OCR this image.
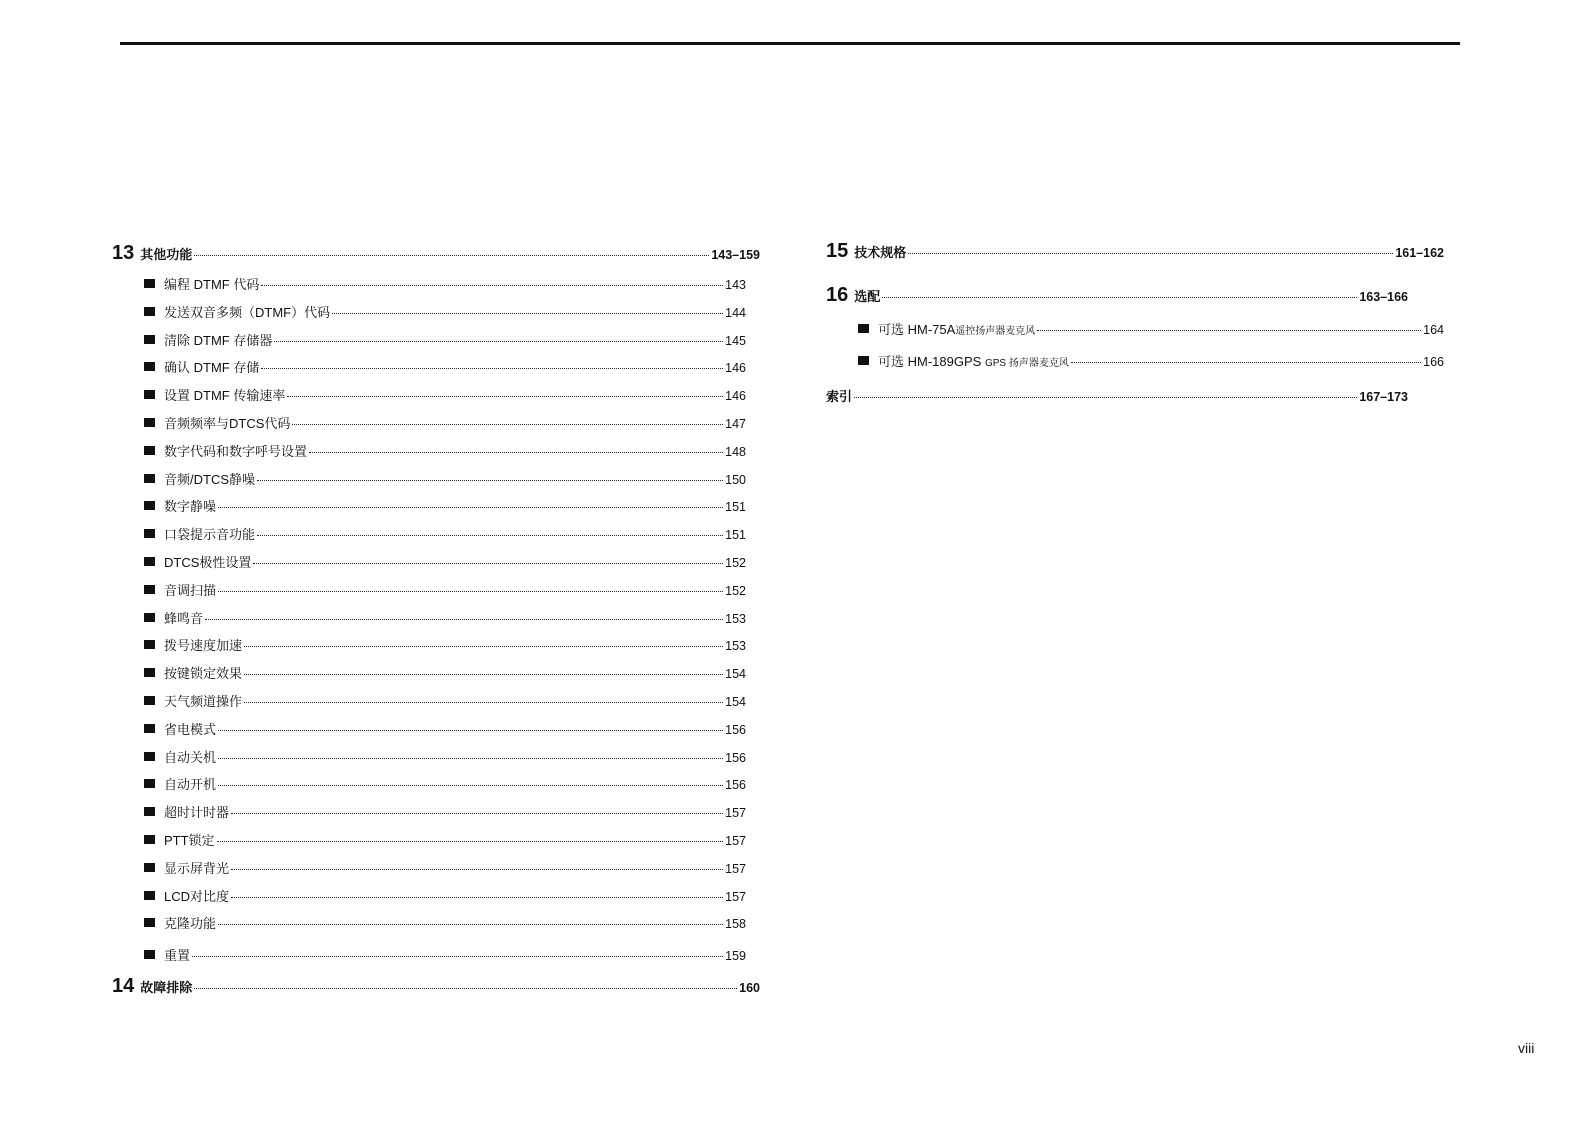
13 其他功能	143–159
编程 DTMF 代码	143
发送双音多频（DTMF）代码	144
清除 DTMF 存储器	145
确认 DTMF 存储	146
设置 DTMF 传输速率	146
音频频率与DTCS代码	147
数字代码和数字呼号设置	148
音频/DTCS静噪	150
数字静噪	151
口袋提示音功能	151
DTCS极性设置	152
音调扫描	152
蜂鸣音	153
拨号速度加速	153
按键锁定效果	154
天气频道操作	154
省电模式	156
自动关机	156
自动开机	156
超时计时器	157
PTT锁定	157
显示屏背光	157
LCD对比度	157
克隆功能	158
重置	159
14 故障排除	160
15 技术规格	161–162
16 选配	163–166
可选 HM-75A遥控扬声器麦克风	164
可选 HM-189GPS GPS 扬声器麦克风	166
索引	167–173
viii
